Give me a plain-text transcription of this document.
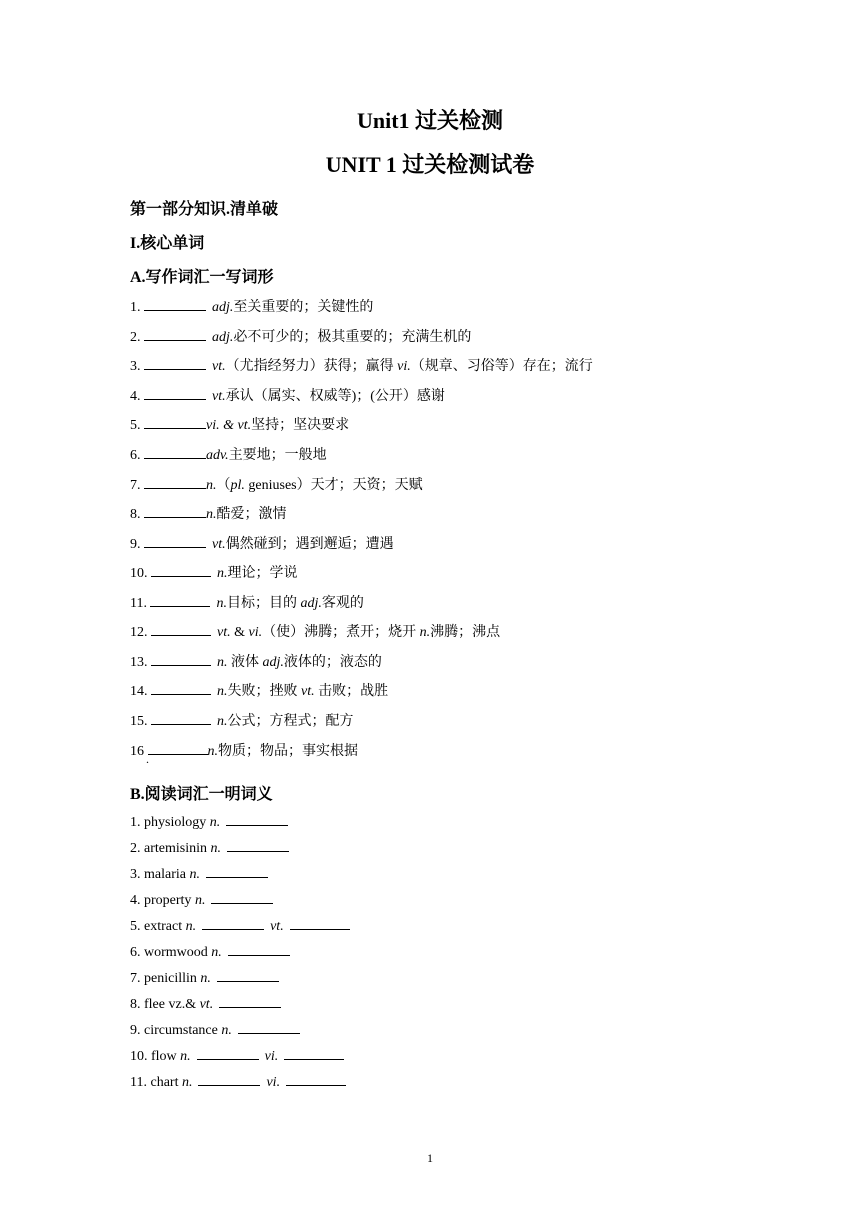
Unit1 过关检测
UNIT 1 过关检测试卷
第一部分知识.清单破
I.核心单词
A.写作词汇一写词形
1.	adj.至关重要的；关键性的
2.	adj.必不可少的；极其重要的；充满生机的
3.	vt.（尤指经努力）获得；赢得 vi.（规章、习俗等）存在；流行
4.	vt.承认（属实、权威等)；(公开）感谢
5.	vi. & vt.坚持；坚决要求
6.	adv.主要地；一般地
7.	n.（pl. geniuses）天才；天资；天赋
8.	n.酷爱；激情
9.	vt.偶然碰到；遇到邂逅；遭遇
10.	n.理论；学说
11.	n.目标；目的 adj.客观的
12.	vt. & vi.（使）沸腾；煮开；烧开 n.沸腾；沸点
13.	n. 液体 adj.液体的；液态的
14.	n.失败；挫败 vt. 击败；战胜
15.	n.公式；方程式；配方
16	n.物质；物品；事实根据
.
B.阅读词汇一明词义
1. physiology n.
2. artemisinin n.
3. malaria n.
4. property n.
5. extract n.	vt.
6. wormwood n.
7. penicillin n.
8. flee vz.& vt.
9. circumstance n.
10. flow n.	vi.
11. chart n.	vi.
1
